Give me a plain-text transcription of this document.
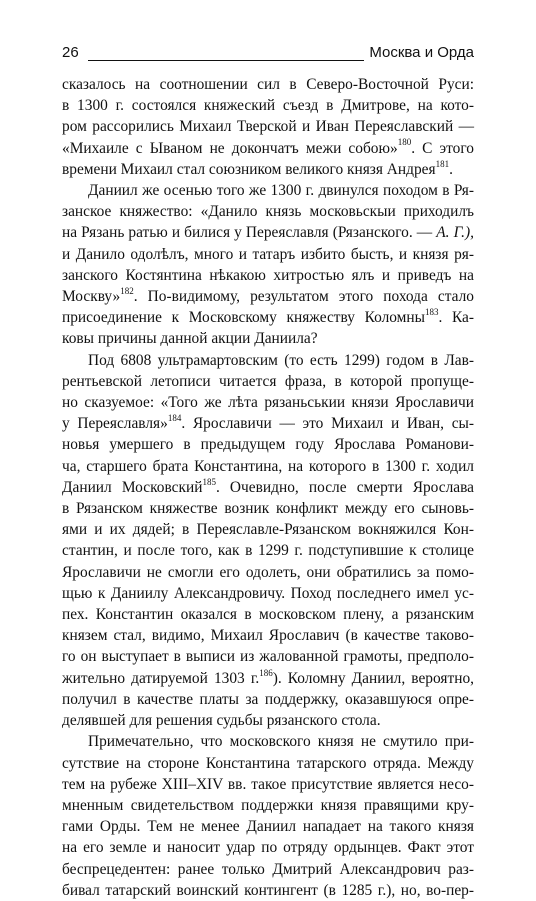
26	Москва и Орда
сказалось на соотношении сил в Северо-Восточной Руси:
в 1300 г. состоялся княжеский съезд в Дмитрове, на кото-
ром рассорились Михаил Тверской и Иван Переяславский —
«Михаиле с Ываном не докончатъ межи собою»$^{180}$. С этого
времени Михаил стал союзником великого князя Андрея$^{181}$.
Даниил же осенью того же 1300 г. двинулся походом в Ря-
занское княжество: «Данило князь московьскыи приходилъ
на Рязань ратью и билися у Переяславля (Рязанского. — А. Г.),
и Данило одолѣлъ, много и татаръ избито бысть, и князя ря-
занского Костянтина нѣкакою хитростью ялъ и приведъ на
Москву»$^{182}$. По-видимому, результатом этого похода стало
присоединение к Московскому княжеству Коломны$^{183}$. Ка-
ковы причины данной акции Даниила?
Под 6808 ультрамартовским (то есть 1299) годом в Лав-
рентьевской летописи читается фраза, в которой пропуще-
но сказуемое: «Того же лѣта рязаньськии князи Ярославичи
у Переяславля»$^{184}$. Ярославичи — это Михаил и Иван, сы-
новья умершего в предыдущем году Ярослава Романови-
ча, старшего брата Константина, на которого в 1300 г. ходил
Даниил Московский$^{185}$. Очевидно, после смерти Ярослава
в Рязанском княжестве возник конфликт между его сыновь-
ями и их дядей; в Переяславле-Рязанском вокняжился Кон-
стантин, и после того, как в 1299 г. подступившие к столице
Ярославичи не смогли его одолеть, они обратились за помо-
щью к Даниилу Александровичу. Поход последнего имел ус-
пех. Константин оказался в московском плену, а рязанским
князем стал, видимо, Михаил Ярославич (в качестве таково-
го он выступает в выписи из жалованной грамоты, предполо-
жительно датируемой 1303 г.$^{186}$). Коломну Даниил, вероятно,
получил в качестве платы за поддержку, оказавшуюся опре-
делявшей для решения судьбы рязанского стола.
Примечательно, что московского князя не смутило при-
сутствие на стороне Константина татарского отряда. Между
тем на рубеже XIII–XIV вв. такое присутствие является несо-
мненным свидетельством поддержки князя правящими кру-
гами Орды. Тем не менее Даниил нападает на такого князя
на его земле и наносит удар по отряду ордынцев. Факт этот
беспрецедентен: ранее только Дмитрий Александрович раз-
бивал татарский воинский контингент (в 1285 г.), но, во-пер-
